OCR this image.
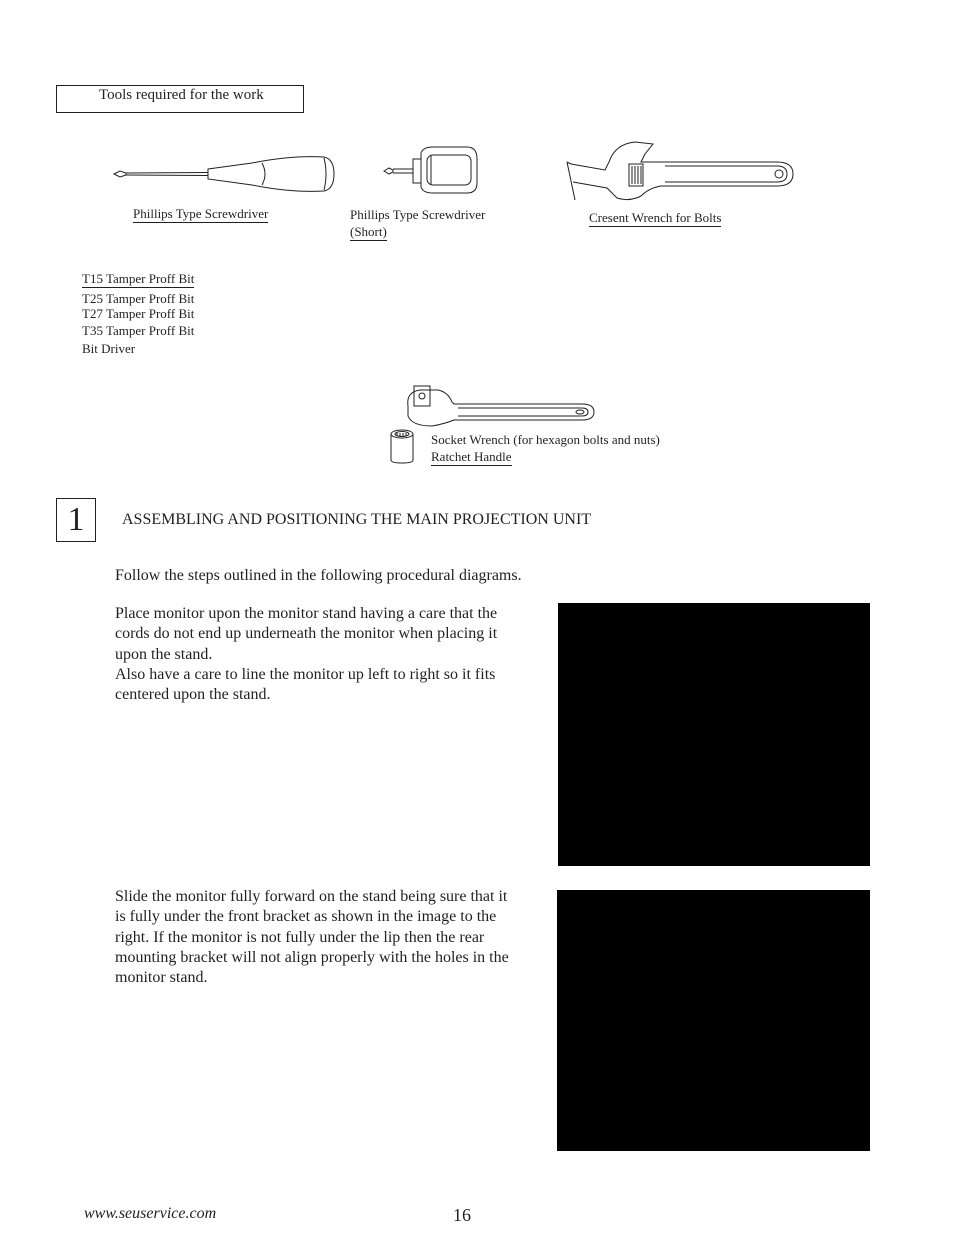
Tools required for the work
Phillips Type Screwdriver	Phillips Type Screwdriver
(Short)
Cresent Wrench for Bolts
T15 Tamper Proff Bit
T25 Tamper Proff Bit
T27 Tamper Proff Bit
T35 Tamper Proff Bit
Bit Driver
Socket Wrench (for hexagon bolts and nuts)
Ratchet Handle
1	ASSEMBLING AND POSITIONING THE MAIN PROJECTION UNIT
Follow the steps outlined in the following procedural diagrams.
Place monitor upon the monitor stand having a care that the
cords do not end up underneath the monitor when placing it
upon the stand.
Also have a care to line the monitor up left to right so it fits
centered upon the stand.
Slide the monitor fully forward on the stand being sure that it
is fully under the front bracket as shown in the image to the
right. If the monitor is not fully under the lip then the rear
mounting bracket will not align properly with the holes in the
monitor stand.
www.seuservice.com	16
